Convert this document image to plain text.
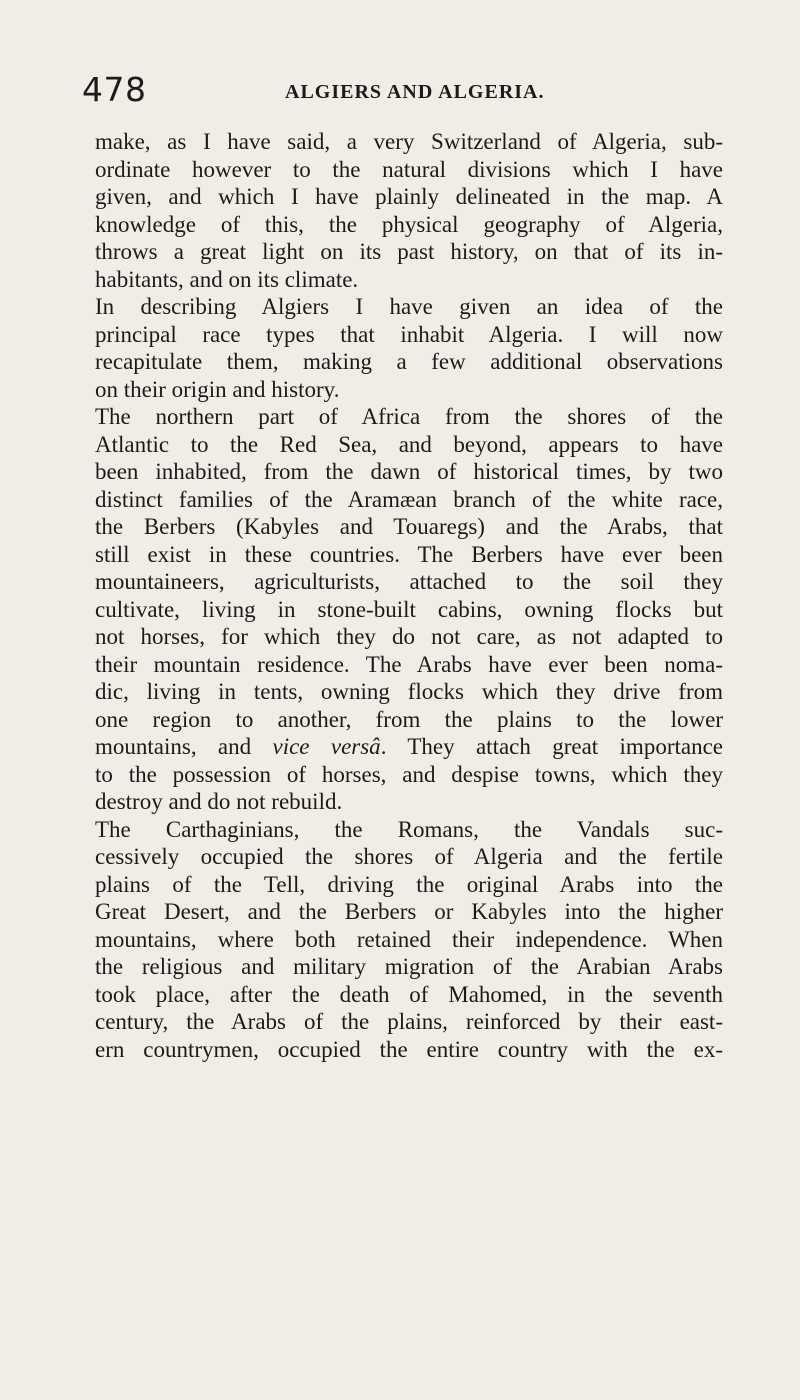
478	ALGIERS AND ALGERIA.
make, as I have said, a very Switzerland of Algeria, sub-
ordinate however to the natural divisions which I have
given, and which I have plainly delineated in the map. A
knowledge of this, the physical geography of Algeria,
throws a great light on its past history, on that of its in-
habitants, and on its climate.
In describing Algiers I have given an idea of the
principal race types that inhabit Algeria. I will now
recapitulate them, making a few additional observations
on their origin and history.
The northern part of Africa from the shores of the
Atlantic to the Red Sea, and beyond, appears to have
been inhabited, from the dawn of historical times, by two
distinct families of the Aramæan branch of the white race,
the Berbers (Kabyles and Touaregs) and the Arabs, that
still exist in these countries. The Berbers have ever been
mountaineers, agriculturists, attached to the soil they
cultivate, living in stone-built cabins, owning flocks but
not horses, for which they do not care, as not adapted to
their mountain residence. The Arabs have ever been noma-
dic, living in tents, owning flocks which they drive from
one region to another, from the plains to the lower
mountains, and vice versâ. They attach great importance
to the possession of horses, and despise towns, which they
destroy and do not rebuild.
The Carthaginians, the Romans, the Vandals suc-
cessively occupied the shores of Algeria and the fertile
plains of the Tell, driving the original Arabs into the
Great Desert, and the Berbers or Kabyles into the higher
mountains, where both retained their independence. When
the religious and military migration of the Arabian Arabs
took place, after the death of Mahomed, in the seventh
century, the Arabs of the plains, reinforced by their east-
ern countrymen, occupied the entire country with the ex-
